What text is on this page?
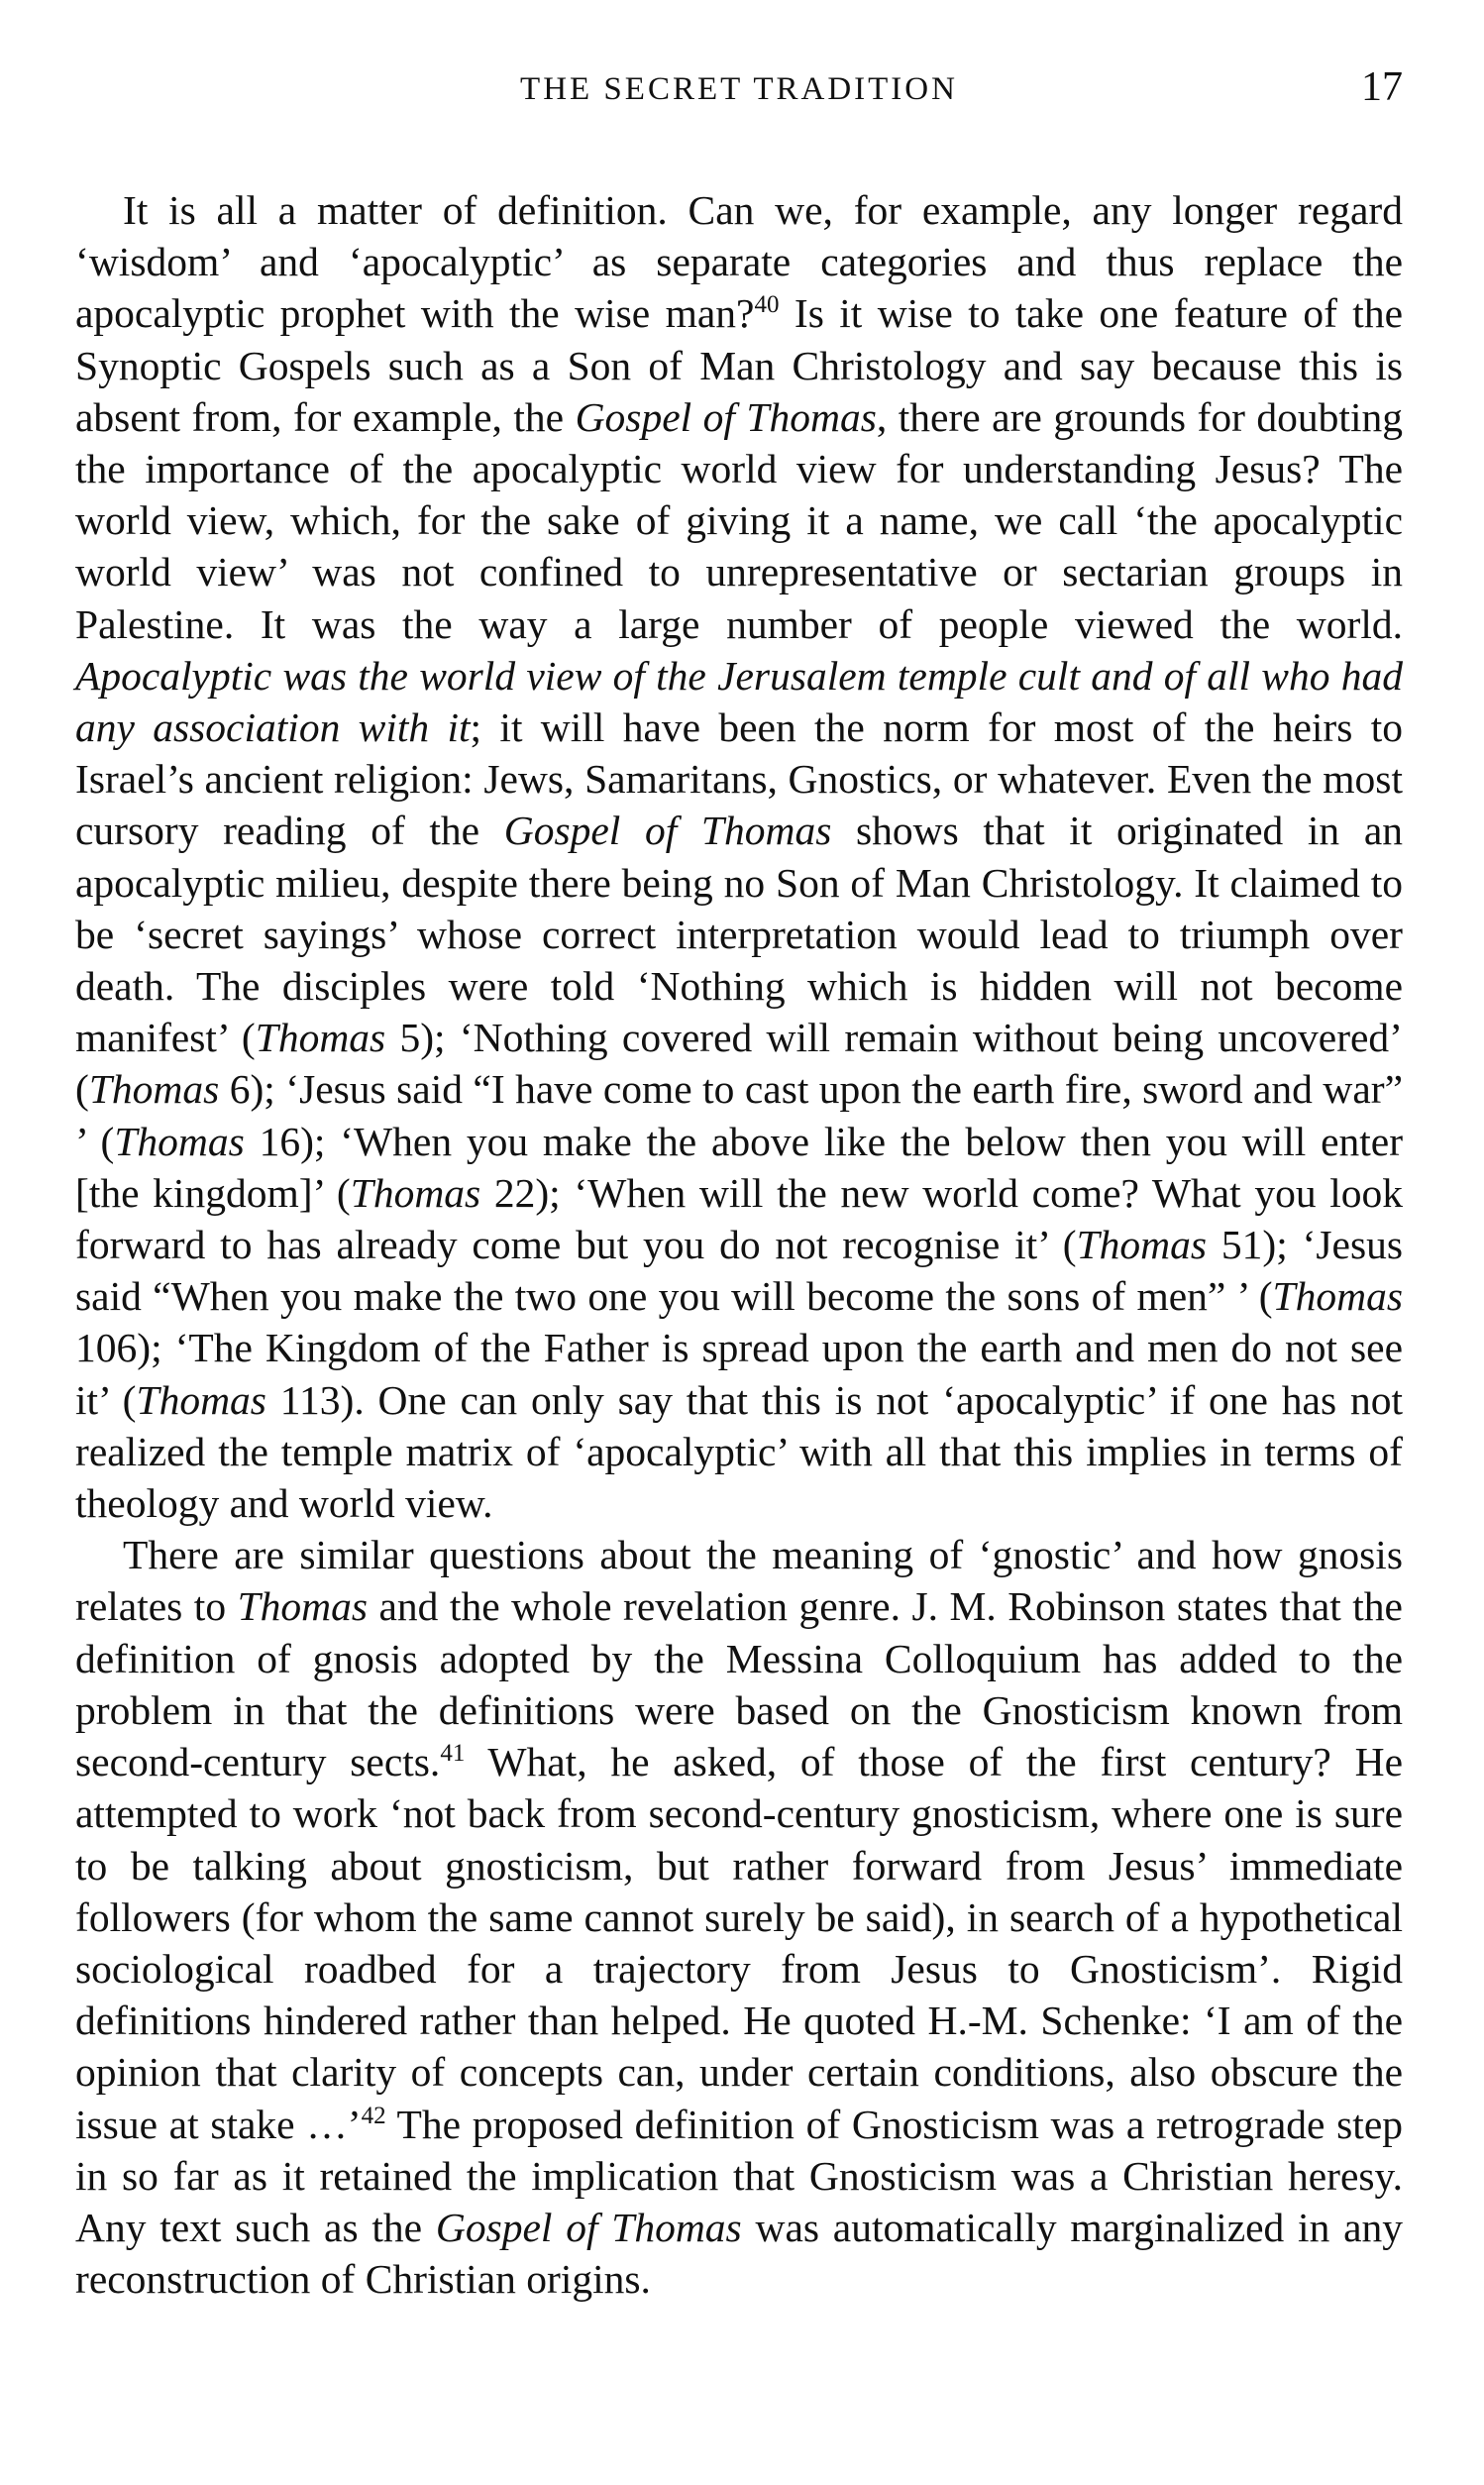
THE SECRET TRADITION	17

It is all a matter of definition. Can we, for example, any longer regard ‘wisdom’ and ‘apocalyptic’ as separate categories and thus replace the apocalyptic prophet with the wise man?$^{40}$ Is it wise to take one feature of the Synoptic Gospels such as a Son of Man Christology and say because this is absent from, for example, the Gospel of Thomas, there are grounds for doubting the importance of the apocalyptic world view for understanding Jesus? The world view, which, for the sake of giving it a name, we call ‘the apocalyptic world view’ was not confined to unrepresentative or sectarian groups in Palestine. It was the way a large number of people viewed the world. Apocalyptic was the world view of the Jerusalem temple cult and of all who had any association with it; it will have been the norm for most of the heirs to Israel’s ancient religion: Jews, Samaritans, Gnostics, or whatever. Even the most cursory reading of the Gospel of Thomas shows that it originated in an apocalyptic milieu, despite there being no Son of Man Christology. It claimed to be ‘secret sayings’ whose correct interpretation would lead to triumph over death. The disciples were told ‘Nothing which is hidden will not become manifest’ (Thomas 5); ‘Nothing covered will remain without being uncovered’ (Thomas 6); ‘Jesus said “I have come to cast upon the earth fire, sword and war” ’ (Thomas 16); ‘When you make the above like the below then you will enter [the kingdom]’ (Thomas 22); ‘When will the new world come? What you look forward to has already come but you do not recognise it’ (Thomas 51); ‘Jesus said “When you make the two one you will become the sons of men” ’ (Thomas 106); ‘The Kingdom of the Father is spread upon the earth and men do not see it’ (Thomas 113). One can only say that this is not ‘apocalyptic’ if one has not realized the temple matrix of ‘apocalyptic’ with all that this implies in terms of theology and world view.

There are similar questions about the meaning of ‘gnostic’ and how gnosis relates to Thomas and the whole revelation genre. J. M. Robinson states that the definition of gnosis adopted by the Messina Colloquium has added to the problem in that the definitions were based on the Gnosticism known from second-century sects.$^{41}$ What, he asked, of those of the first century? He attempted to work ‘not back from second-century gnosticism, where one is sure to be talking about gnosticism, but rather forward from Jesus’ immediate followers (for whom the same cannot surely be said), in search of a hypothetical sociological roadbed for a trajectory from Jesus to Gnosticism’. Rigid definitions hindered rather than helped. He quoted H.-M. Schenke: ‘I am of the opinion that clarity of concepts can, under certain conditions, also obscure the issue at stake …’$^{42}$ The proposed definition of Gnosticism was a retrograde step in so far as it retained the implication that Gnosticism was a Christian heresy. Any text such as the Gospel of Thomas was automatically marginalized in any reconstruction of Christian origins.
